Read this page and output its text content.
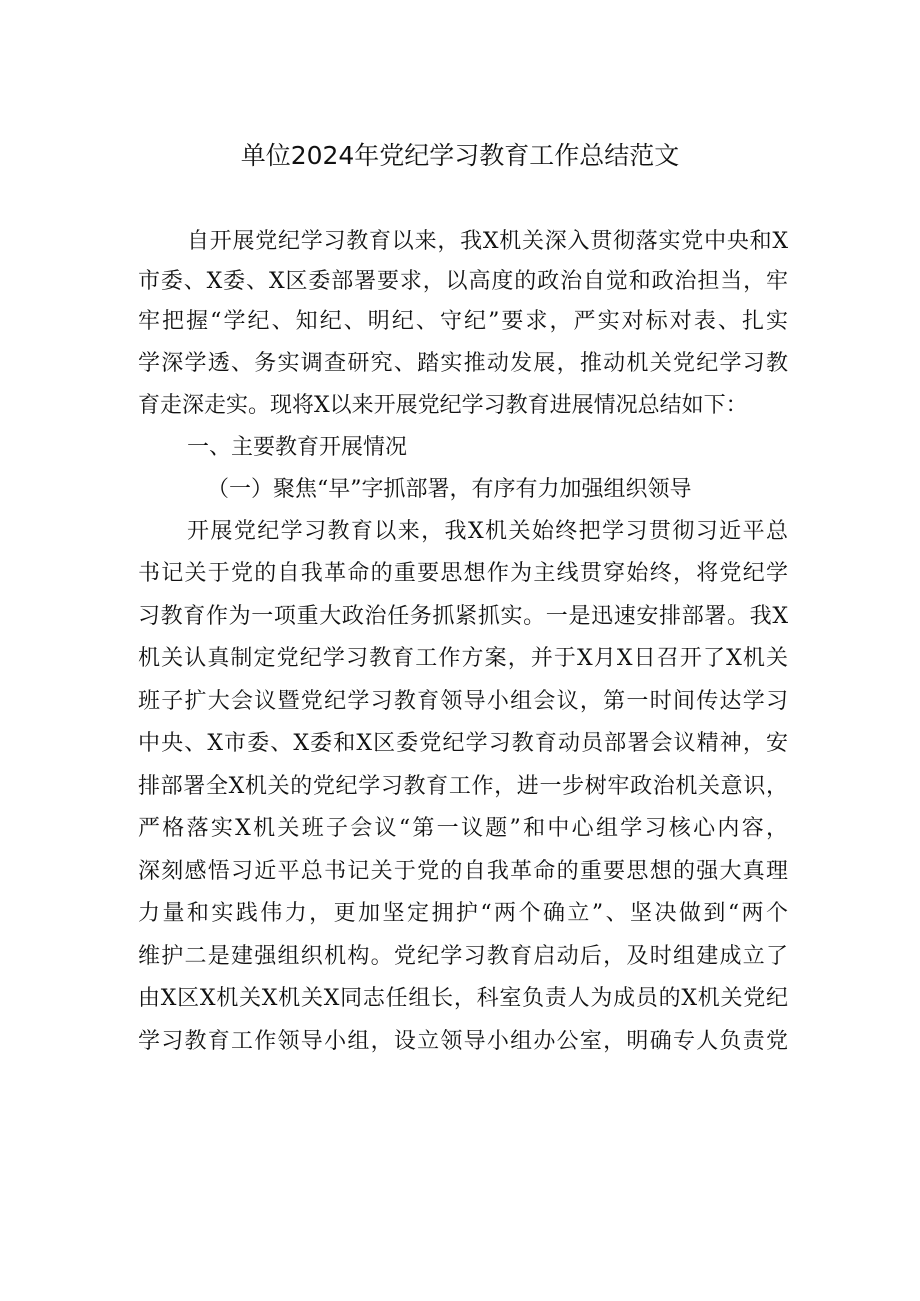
单位2024年党纪学习教育工作总结范文
自开展党纪学习教育以来，我X机关深入贯彻落实党中央和X
市委、X委、X区委部署要求，以高度的政治自觉和政治担当，牢
牢把握“学纪、知纪、明纪、守纪”要求，严实对标对表、扎实
学深学透、务实调查研究、踏实推动发展，推动机关党纪学习教
育走深走实。现将X以来开展党纪学习教育进展情况总结如下：
一、主要教育开展情况
（一）聚焦“早”字抓部署，有序有力加强组织领导
开展党纪学习教育以来，我X机关始终把学习贯彻习近平总
书记关于党的自我革命的重要思想作为主线贯穿始终，将党纪学
习教育作为一项重大政治任务抓紧抓实。一是迅速安排部署。我X
机关认真制定党纪学习教育工作方案，并于X月X日召开了X机关
班子扩大会议暨党纪学习教育领导小组会议，第一时间传达学习
中央、X市委、X委和X区委党纪学习教育动员部署会议精神，安
排部署全X机关的党纪学习教育工作，进一步树牢政治机关意识，
严格落实X机关班子会议“第一议题”和中心组学习核心内容，
深刻感悟习近平总书记关于党的自我革命的重要思想的强大真理
力量和实践伟力，更加坚定拥护“两个确立”、坚决做到“两个
维护二是建强组织机构。党纪学习教育启动后，及时组建成立了
由X区X机关X机关X同志任组长，科室负责人为成员的X机关党纪
学习教育工作领导小组，设立领导小组办公室，明确专人负责党
